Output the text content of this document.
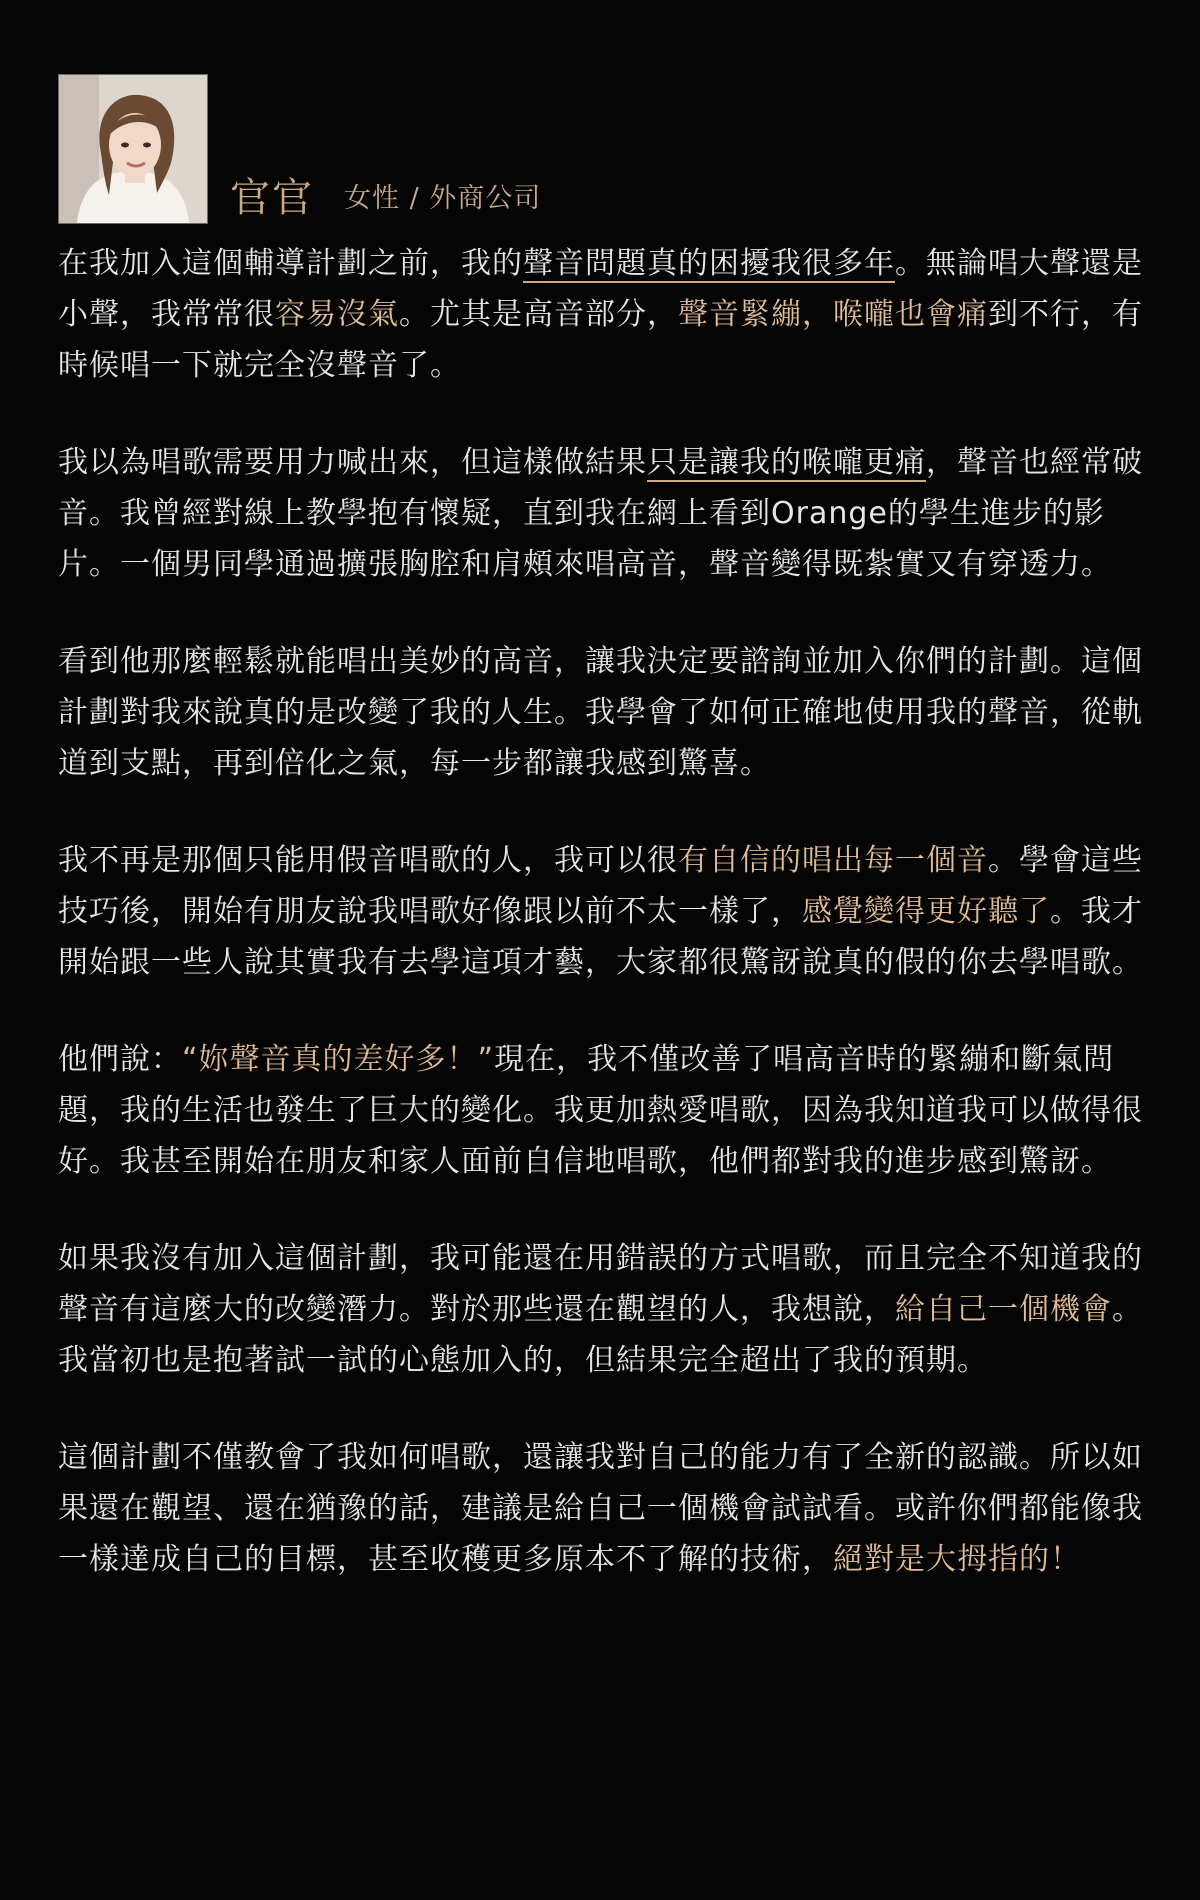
官官 女性 / 外商公司

在我加入這個輔導計劃之前，我的聲音問題真的困擾我很多年。無論唱大聲還是小聲，我常常很容易沒氣。尤其是高音部分，聲音緊繃，喉嚨也會痛到不行，有時候唱一下就完全沒聲音了。

我以為唱歌需要用力喊出來，但這樣做結果只是讓我的喉嚨更痛，聲音也經常破音。我曾經對線上教學抱有懷疑，直到我在網上看到Orange的學生進步的影片。一個男同學通過擴張胸腔和肩頰來唱高音，聲音變得既紮實又有穿透力。

看到他那麼輕鬆就能唱出美妙的高音，讓我決定要諮詢並加入你們的計劃。這個計劃對我來說真的是改變了我的人生。我學會了如何正確地使用我的聲音，從軌道到支點，再到倍化之氣，每一步都讓我感到驚喜。

我不再是那個只能用假音唱歌的人，我可以很有自信的唱出每一個音。學會這些技巧後，開始有朋友說我唱歌好像跟以前不太一樣了，感覺變得更好聽了。我才開始跟一些人說其實我有去學這項才藝，大家都很驚訝說真的假的你去學唱歌。

他們說：“妳聲音真的差好多！”現在，我不僅改善了唱高音時的緊繃和斷氣問題，我的生活也發生了巨大的變化。我更加熱愛唱歌，因為我知道我可以做得很好。我甚至開始在朋友和家人面前自信地唱歌，他們都對我的進步感到驚訝。

如果我沒有加入這個計劃，我可能還在用錯誤的方式唱歌，而且完全不知道我的聲音有這麼大的改變潛力。對於那些還在觀望的人，我想說，給自己一個機會。我當初也是抱著試一試的心態加入的，但結果完全超出了我的預期。

這個計劃不僅教會了我如何唱歌，還讓我對自己的能力有了全新的認識。所以如果還在觀望、還在猶豫的話，建議是給自己一個機會試試看。或許你們都能像我一樣達成自己的目標，甚至收穫更多原本不了解的技術，絕對是大拇指的！
